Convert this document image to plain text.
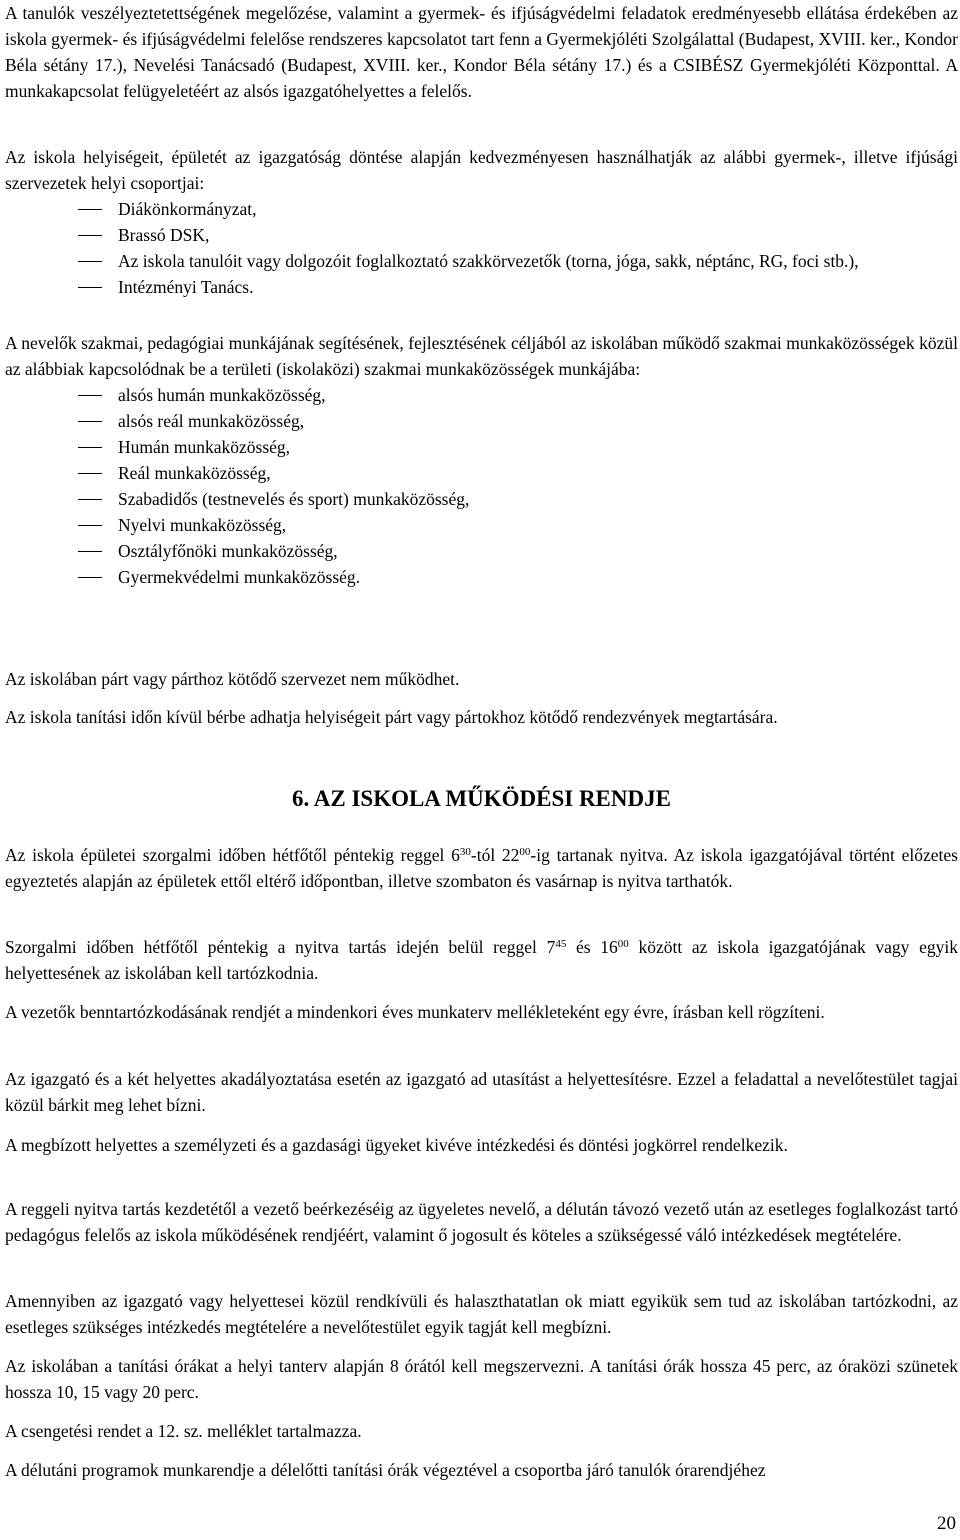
A tanulók veszélyeztetettségének megelőzése, valamint a gyermek- és ifjúságvédelmi feladatok eredményesebb ellátása érdekében az iskola gyermek- és ifjúságvédelmi felelőse rendszeres kapcsolatot tart fenn a Gyermekjóléti Szolgálattal (Budapest, XVIII. ker., Kondor Béla sétány 17.), Nevelési Tanácsadó (Budapest, XVIII. ker., Kondor Béla sétány 17.) és a CSIBÉSZ Gyermekjóléti Központtal. A munkakapcsolat felügyeletéért az alsós igazgatóhelyettes a felelős.

Az iskola helyiségeit, épületét az igazgatóság döntése alapján kedvezményesen használhatják az alábbi gyermek-, illetve ifjúsági szervezetek helyi csoportjai:

Diákönkormányzat,
Brassó DSK,
Az iskola tanulóit vagy dolgozóit foglalkoztató szakkörvezetők (torna, jóga, sakk, néptánc, RG, foci stb.),
Intézményi Tanács.

A nevelők szakmai, pedagógiai munkájának segítésének, fejlesztésének céljából az iskolában működő szakmai munkaközösségek közül az alábbiak kapcsolódnak be a területi (iskolaközi) szakmai munkaközösségek munkájába:

alsós humán munkaközösség,
alsós reál munkaközösség,
Humán munkaközösség,
Reál munkaközösség,
Szabadidős (testnevelés és sport) munkaközösség,
Nyelvi munkaközösség,
Osztályfőnöki munkaközösség,
Gyermekvédelmi munkaközösség.

Az iskolában párt vagy párthoz kötődő szervezet nem működhet.

Az iskola tanítási időn kívül bérbe adhatja helyiségeit párt vagy pártokhoz kötődő rendezvények megtartására.

6. AZ ISKOLA MŰKÖDÉSI RENDJE

Az iskola épületei szorgalmi időben hétfőtől péntekig reggel $6^{30}$-tól $22^{00}-ig$ tartanak nyitva. Az iskola igazgatójával történt előzetes egyeztetés alapján az épületek ettől eltérő időpontban, illetve szombaton és vasárnap is nyitva tarthatók.

Szorgalmi időben hétfőtől péntekig a nyitva tartás idején belül reggel $7^{45}$ és $16^{00}$ között az iskola igazgatójának vagy egyik helyettesének az iskolában kell tartózkodnia.

A vezetők benntartózkodásának rendjét a mindenkori éves munkaterv mellékleteként egy évre, írásban kell rögzíteni.

Az igazgató és a két helyettes akadályoztatása esetén az igazgató ad utasítást a helyettesítésre. Ezzel a feladattal a nevelőtestület tagjai közül bárkit meg lehet bízni.

A megbízott helyettes a személyzeti és a gazdasági ügyeket kivéve intézkedési és döntési jogkörrel rendelkezik.

A reggeli nyitva tartás kezdetétől a vezető beérkezéséig az ügyeletes nevelő, a délután távozó vezető után az esetleges foglalkozást tartó pedagógus felelős az iskola működésének rendjéért, valamint ő jogosult és köteles a szükségessé váló intézkedések megtételére.

Amennyiben az igazgató vagy helyettesei közül rendkívüli és halaszthatatlan ok miatt egyikük sem tud az iskolában tartózkodni, az esetleges szükséges intézkedés megtételére a nevelőtestület egyik tagját kell megbízni.

Az iskolában a tanítási órákat a helyi tanterv alapján 8 órától kell megszervezni. A tanítási órák hossza 45 perc, az óraközi szünetek hossza 10, 15 vagy 20 perc.

A csengetési rendet a 12. sz. melléklet tartalmazza.

A délutáni programok munkarendje a délelőtti tanítási órák végeztével a csoportba járó tanulók órarendjéhez

20
